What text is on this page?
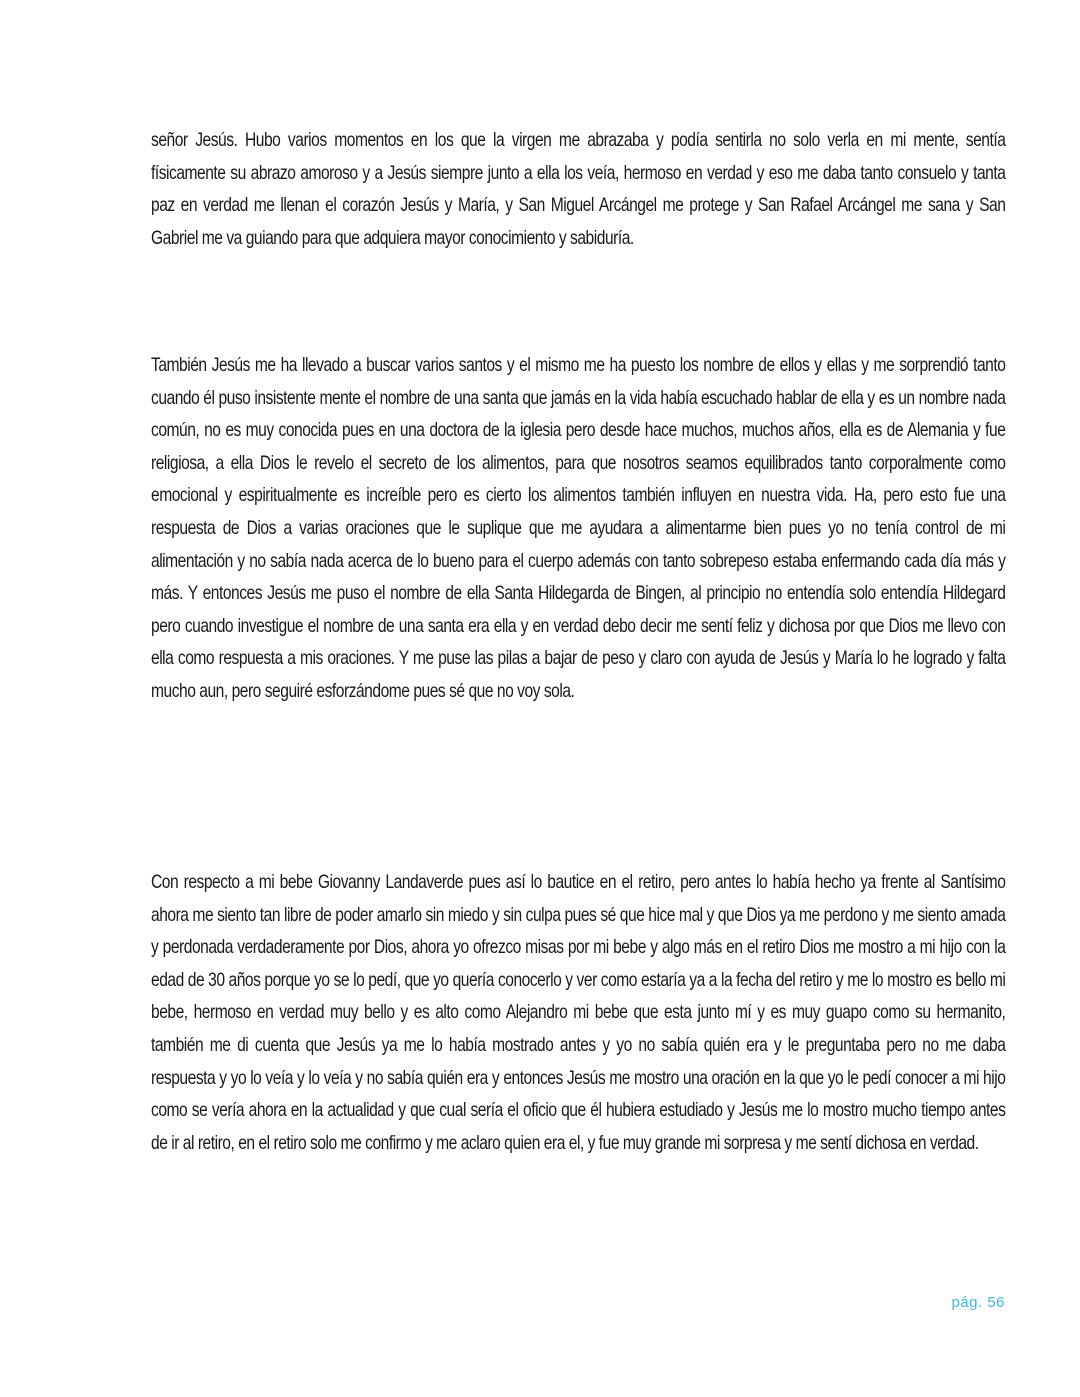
señor Jesús. Hubo varios momentos en los que la virgen me abrazaba y podía sentirla no solo verla en mi mente, sentía físicamente su abrazo amoroso y a Jesús siempre junto a ella los veía, hermoso en verdad y eso me daba tanto consuelo y tanta paz en verdad me llenan el corazón Jesús y María, y San Miguel Arcángel me protege y San Rafael Arcángel me sana y San Gabriel me va guiando para que adquiera mayor conocimiento y sabiduría.

También Jesús me ha llevado a buscar varios santos y el mismo me ha puesto los nombre de ellos y ellas y me sorprendió tanto cuando él puso insistente mente el nombre de una santa que jamás en la vida había escuchado hablar de ella y es un nombre nada común, no es muy conocida pues en una doctora de la iglesia pero desde hace muchos, muchos años, ella es de Alemania y fue religiosa, a ella Dios le revelo el secreto de los alimentos, para que nosotros seamos equilibrados tanto corporalmente como emocional y espiritualmente es increíble pero es cierto los alimentos también influyen en nuestra vida. Ha, pero esto fue una respuesta de Dios a varias oraciones que le suplique que me ayudara a alimentarme bien pues yo no tenía control de mi alimentación y no sabía nada acerca de lo bueno para el cuerpo además con tanto sobrepeso estaba enfermando cada día más y más. Y entonces Jesús me puso el nombre de ella Santa Hildegarda de Bingen, al principio no entendía solo entendía Hildegard pero cuando investigue el nombre de una santa era ella y en verdad debo decir me sentí feliz y dichosa por que Dios me llevo con ella como respuesta a mis oraciones. Y me puse las pilas a bajar de peso y claro con ayuda de Jesús y María lo he logrado y falta mucho aun, pero seguiré esforzándome pues sé que no voy sola.

Con respecto a mi bebe Giovanny Landaverde pues así lo bautice en el retiro, pero antes lo había hecho ya frente al Santísimo ahora me siento tan libre de poder amarlo sin miedo y sin culpa pues sé que hice mal y que Dios ya me perdono y me siento amada y perdonada verdaderamente por Dios, ahora yo ofrezco misas por mi bebe y algo más en el retiro Dios me mostro a mi hijo con la edad de 30 años porque yo se lo pedí, que yo quería conocerlo y ver como estaría ya a la fecha del retiro y me lo mostro es bello mi bebe, hermoso en verdad muy bello y es alto como Alejandro mi bebe que esta junto mí y es muy guapo como su hermanito, también me di cuenta que Jesús ya me lo había mostrado antes y yo no sabía quién era y le preguntaba pero no me daba respuesta y yo lo veía y lo veía y no sabía quién era y entonces Jesús me mostro una oración en la que yo le pedí conocer a mi hijo como se vería ahora en la actualidad y que cual sería el oficio que él hubiera estudiado y Jesús me lo mostro mucho tiempo antes de ir al retiro, en el retiro solo me confirmo y me aclaro quien era el, y fue muy grande mi sorpresa y me sentí dichosa en verdad.

pág. 56
